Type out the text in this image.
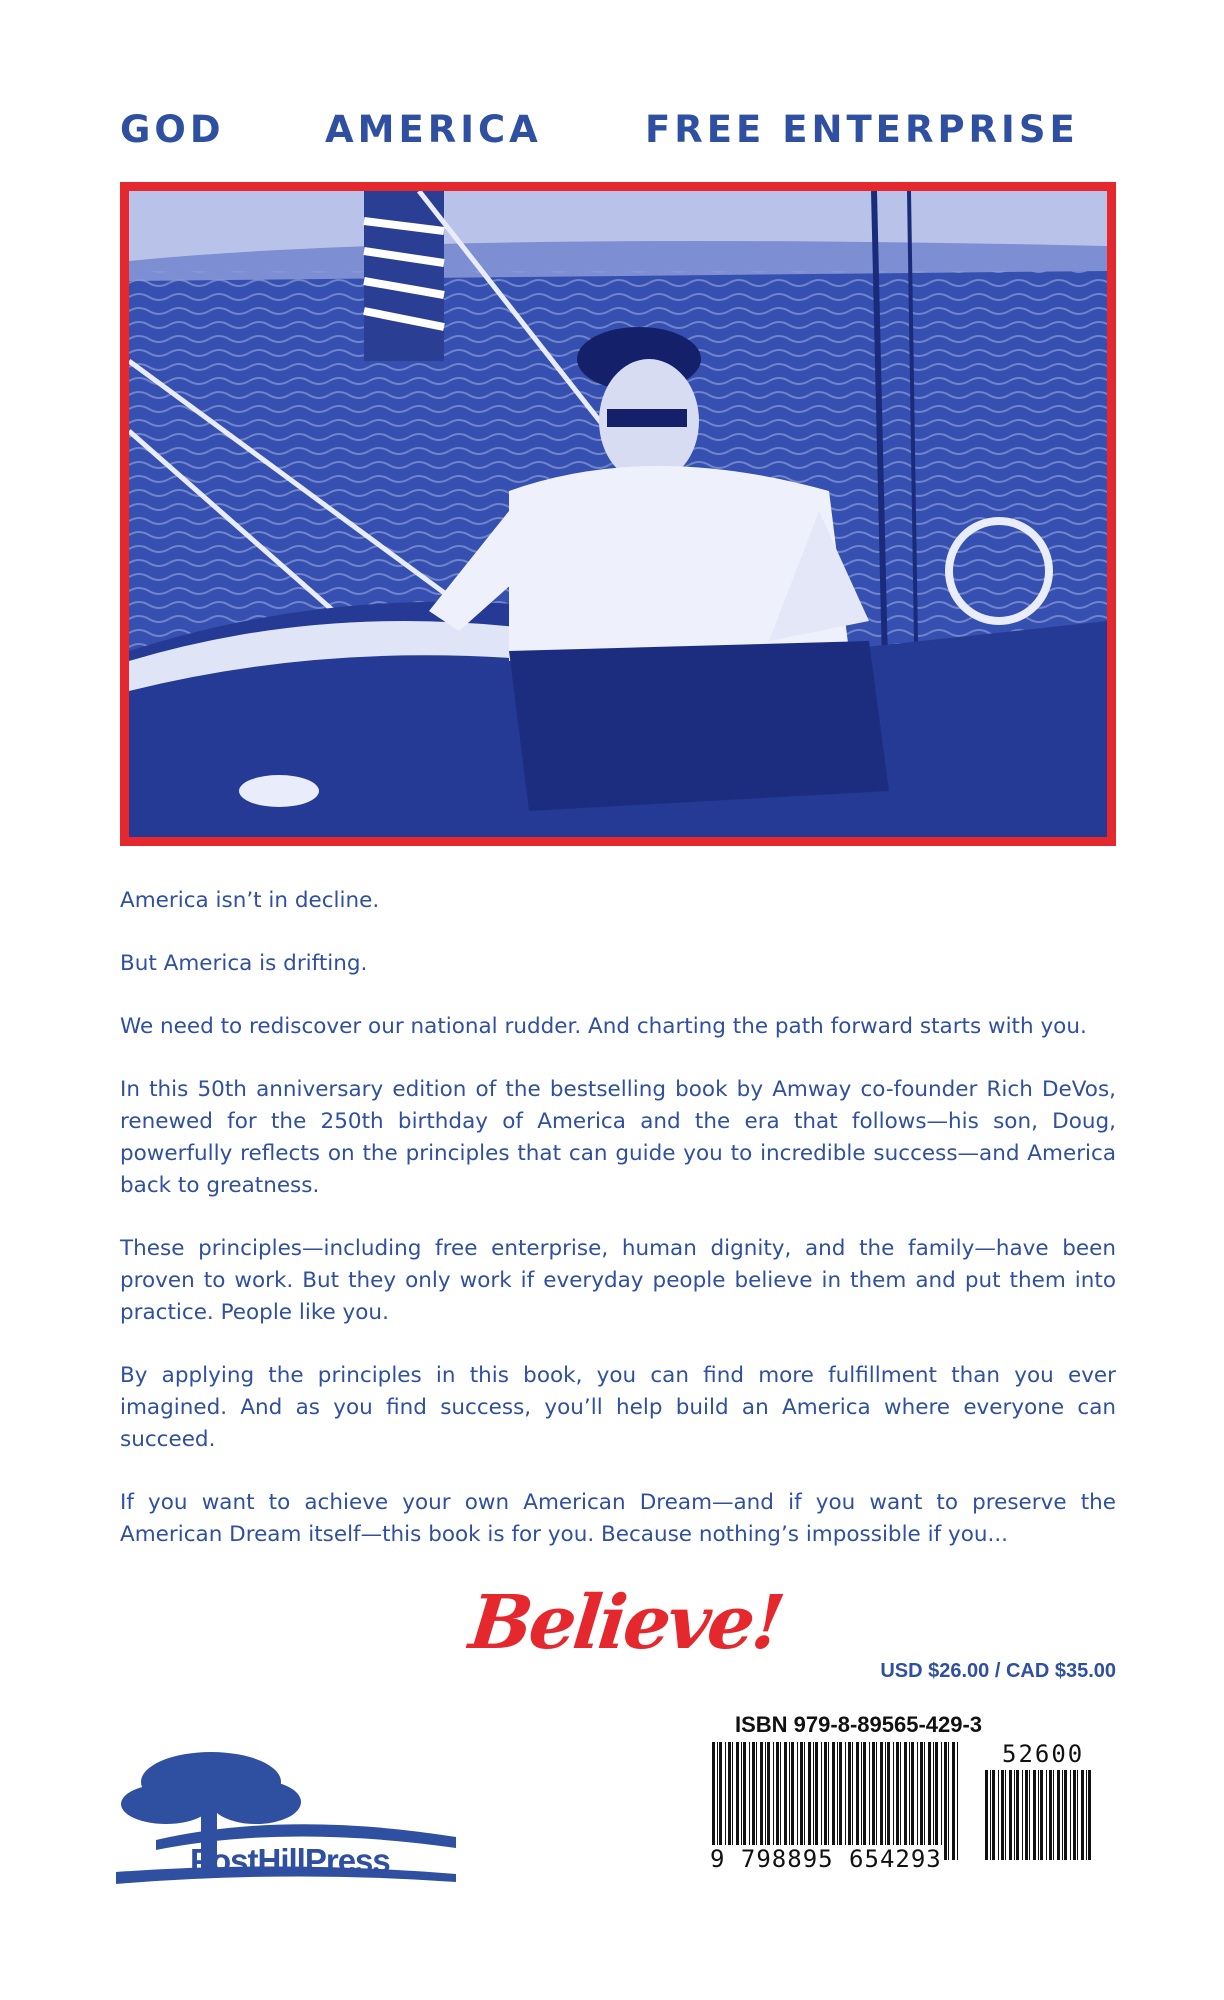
GOD	AMERICA	FREE ENTERPRISE

America isn’t in decline.

But America is drifting.

We need to rediscover our national rudder. And charting the path forward starts with you.

In this 50th anniversary edition of the bestselling book by Amway co-founder Rich DeVos, renewed for the 250th birthday of America and the era that follows—his son, Doug, powerfully reflects on the principles that can guide you to incredible success—and America back to greatness.

These principles—including free enterprise, human dignity, and the family—have been proven to work. But they only work if everyday people believe in them and put them into practice. People like you.

By applying the principles in this book, you can find more fulfillment than you ever imagined. And as you find success, you’ll help build an America where everyone can succeed.

If you want to achieve your own American Dream—and if you want to preserve the American Dream itself—this book is for you. Because nothing’s impossible if you...

Believe!
USD $26.00 / CAD $35.00
ISBN 979-8-89565-429-3
9 798895 654293
52600
PostHillPress
